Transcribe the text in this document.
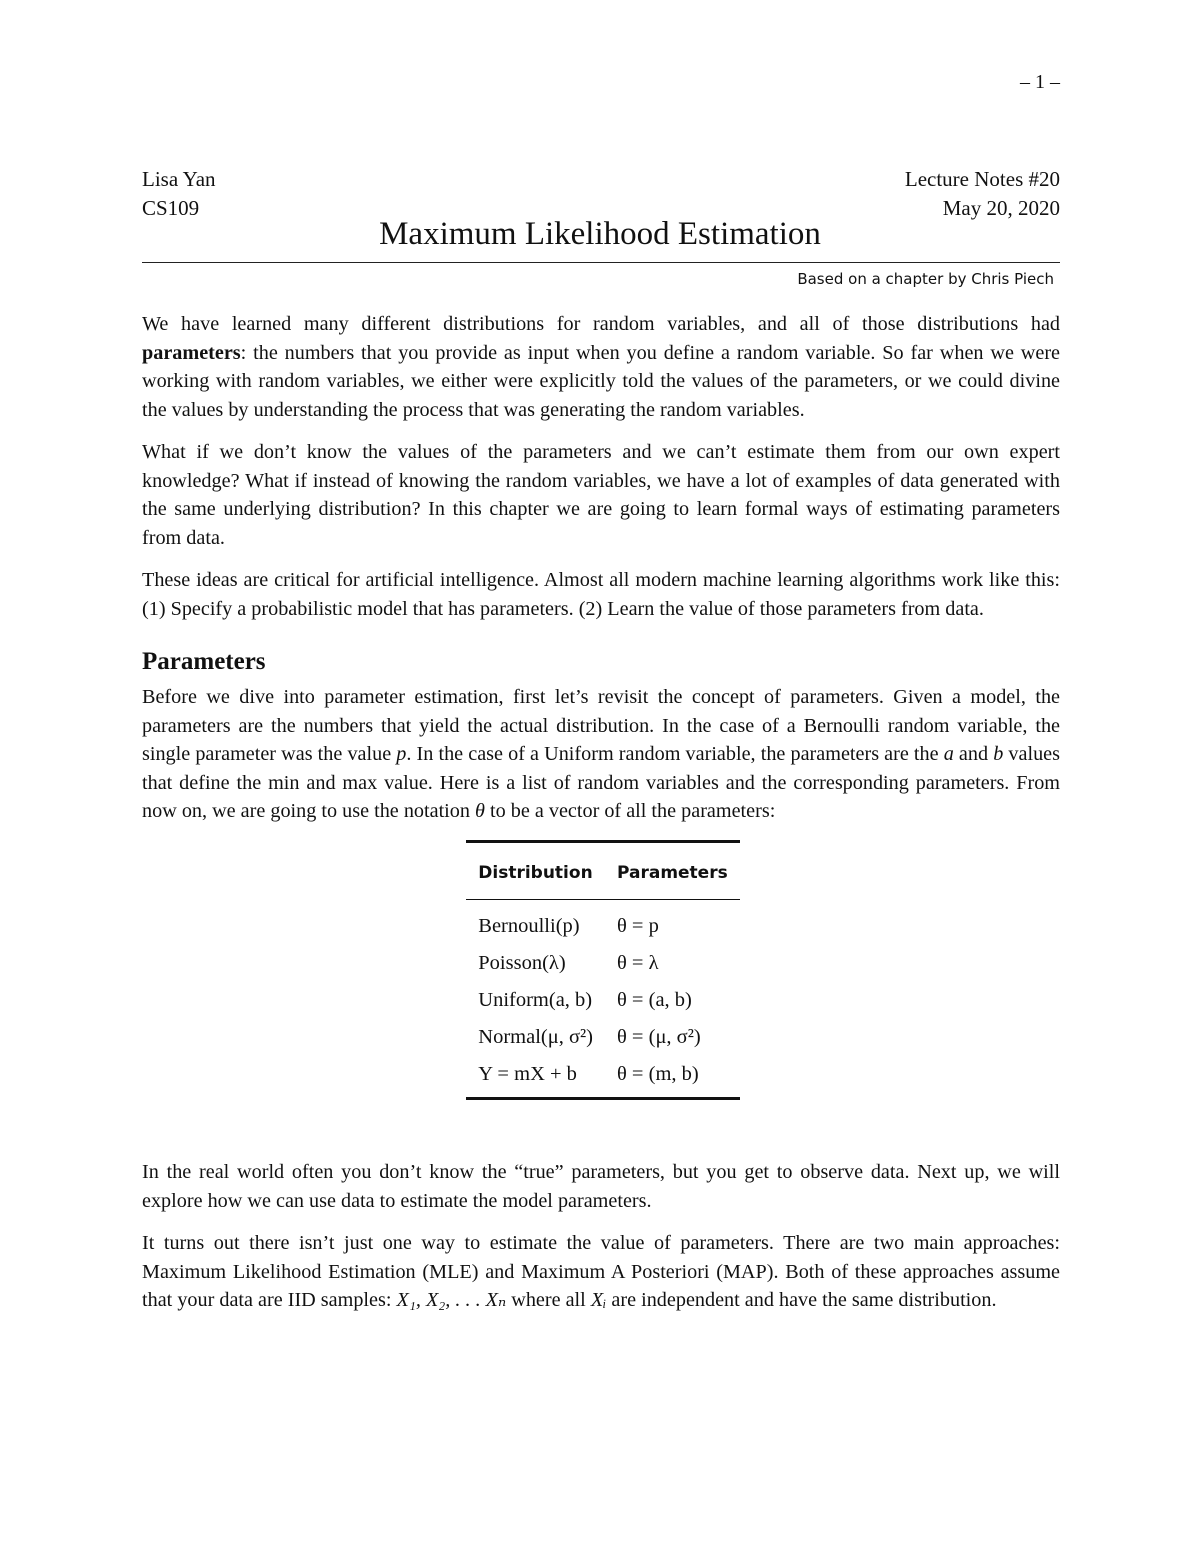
– 1 –
Lisa Yan	Lecture Notes #20
CS109	May 20, 2020
Maximum Likelihood Estimation
Based on a chapter by Chris Piech

We have learned many different distributions for random variables, and all of those distributions had parameters: the numbers that you provide as input when you define a random variable. So far when we were working with random variables, we either were explicitly told the values of the parameters, or we could divine the values by understanding the process that was generating the random variables.

What if we don’t know the values of the parameters and we can’t estimate them from our own expert knowledge? What if instead of knowing the random variables, we have a lot of examples of data generated with the same underlying distribution? In this chapter we are going to learn formal ways of estimating parameters from data.

These ideas are critical for artificial intelligence. Almost all modern machine learning algorithms work like this: (1) Specify a probabilistic model that has parameters. (2) Learn the value of those parameters from data.

Parameters

Before we dive into parameter estimation, first let’s revisit the concept of parameters. Given a model, the parameters are the numbers that yield the actual distribution. In the case of a Bernoulli random variable, the single parameter was the value p. In the case of a Uniform random variable, the parameters are the a and b values that define the min and max value. Here is a list of random variables and the corresponding parameters. From now on, we are going to use the notation θ to be a vector of all the parameters:

Distribution	Parameters
Bernoulli(p)	θ = p
Poisson(λ)	θ = λ
Uniform(a, b)	θ = (a, b)
Normal(μ, σ²)	θ = (μ, σ²)
Y = mX + b	θ = (m, b)

In the real world often you don’t know the “true” parameters, but you get to observe data. Next up, we will explore how we can use data to estimate the model parameters.

It turns out there isn’t just one way to estimate the value of parameters. There are two main approaches: Maximum Likelihood Estimation (MLE) and Maximum A Posteriori (MAP). Both of these approaches assume that your data are IID samples: X₁, X₂, . . . Xₙ where all Xᵢ are independent and have the same distribution.
